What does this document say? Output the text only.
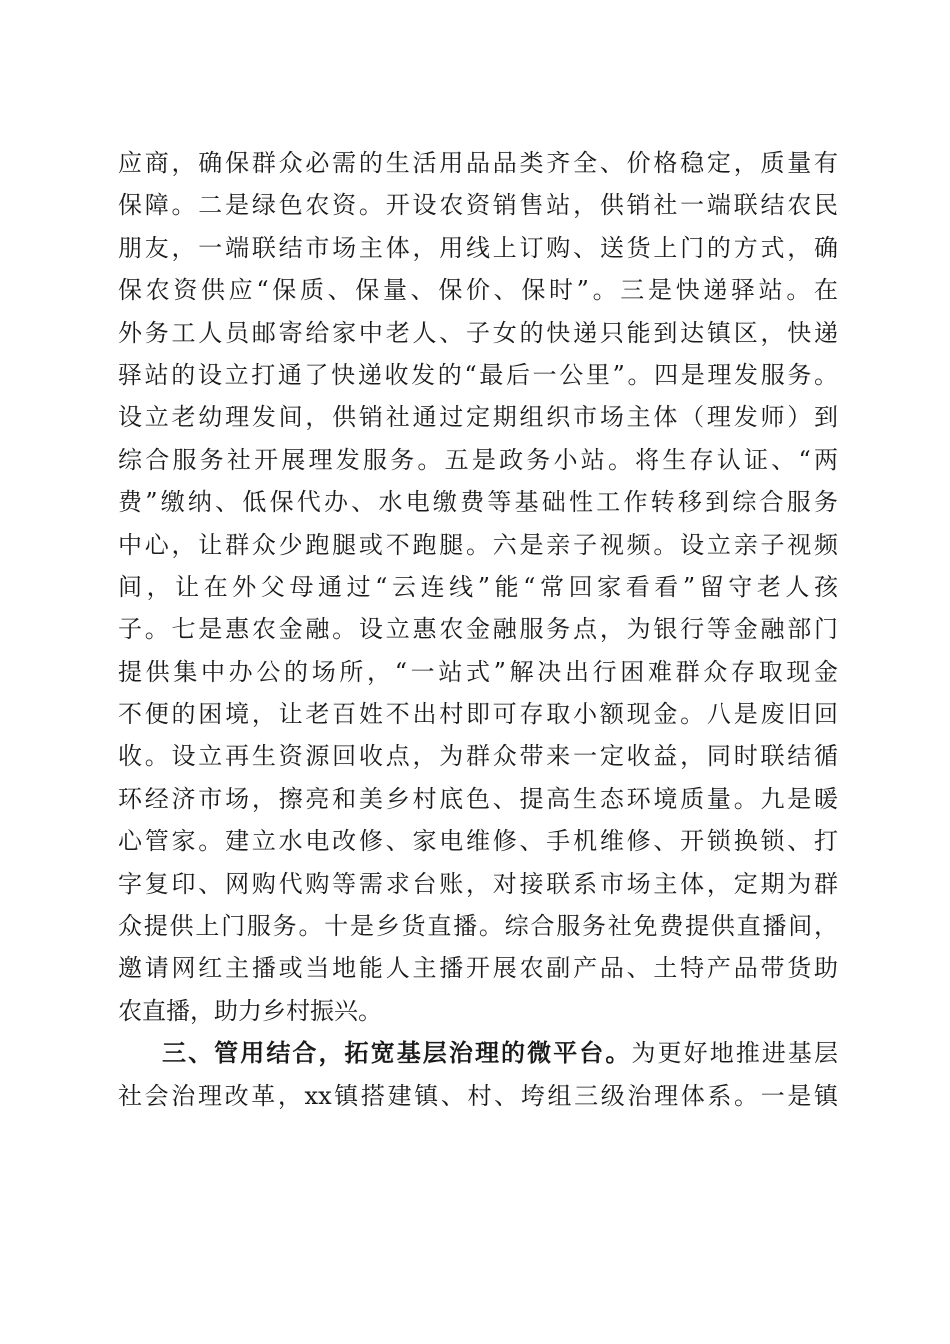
应商，确保群众必需的生活用品品类齐全、价格稳定，质量有
保障。二是绿色农资。开设农资销售站，供销社一端联结农民
朋友，一端联结市场主体，用线上订购、送货上门的方式，确
保农资供应“保质、保量、保价、保时”。三是快递驿站。在
外务工人员邮寄给家中老人、子女的快递只能到达镇区，快递
驿站的设立打通了快递收发的“最后一公里”。四是理发服务。
设立老幼理发间，供销社通过定期组织市场主体（理发师）到
综合服务社开展理发服务。五是政务小站。将生存认证、“两
费”缴纳、低保代办、水电缴费等基础性工作转移到综合服务
中心，让群众少跑腿或不跑腿。六是亲子视频。设立亲子视频
间，让在外父母通过“云连线”能“常回家看看”留守老人孩
子。七是惠农金融。设立惠农金融服务点，为银行等金融部门
提供集中办公的场所，“一站式”解决出行困难群众存取现金
不便的困境，让老百姓不出村即可存取小额现金。八是废旧回
收。设立再生资源回收点，为群众带来一定收益，同时联结循
环经济市场，擦亮和美乡村底色、提高生态环境质量。九是暖
心管家。建立水电改修、家电维修、手机维修、开锁换锁、打
字复印、网购代购等需求台账，对接联系市场主体，定期为群
众提供上门服务。十是乡货直播。综合服务社免费提供直播间，
邀请网红主播或当地能人主播开展农副产品、土特产品带货助
农直播，助力乡村振兴。
三、管用结合，拓宽基层治理的微平台。为更好地推进基层
社会治理改革，xx镇搭建镇、村、垮组三级治理体系。一是镇
